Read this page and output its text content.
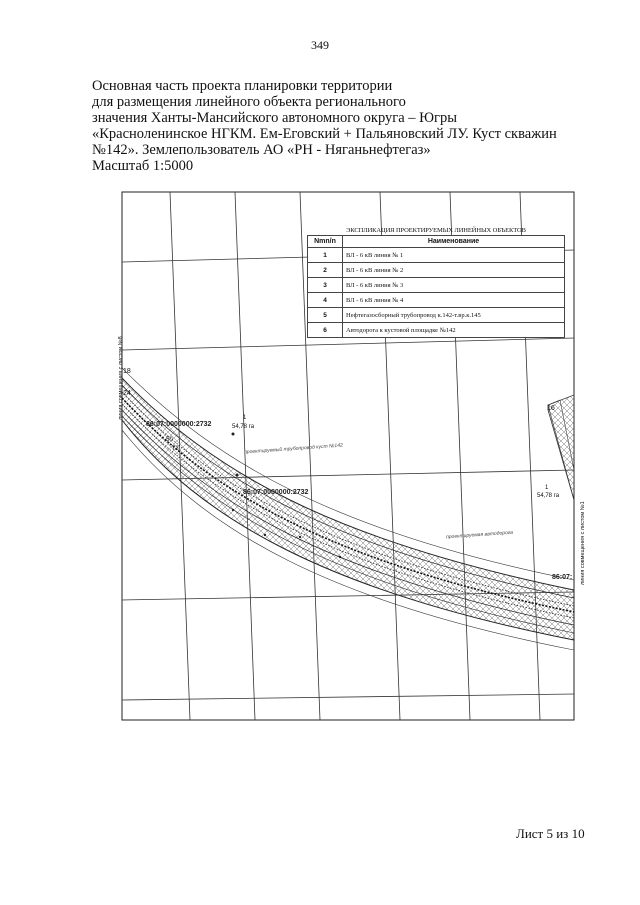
349
Основная часть проекта планировки территории
для размещения линейного объекта регионального
значения Ханты-Мансийского автономного округа – Югры
«Красноленинское НГКМ. Ем-Еговский + Пальяновский ЛУ. Куст скважин
№142». Землепользователь АО «РН - Няганьнефтегаз»
Масштаб 1:5000
18
24
16
86:07:0000000:2732
50
72
1
54,78 га
86:07:0000000:2732
1
54,78 га
86:07:
проектируемый трубопровод куст №142
проектируемая автодорога
линия совмещения с листом №8
линия совмещения с листом №1
ЭКСПЛИКАЦИЯ ПРОЕКТИРУЕМЫХ ЛИНЕЙНЫХ ОБЪЕКТОВ
Nmn/n	Наименование
1	ВЛ - 6 кВ линия № 1
2	ВЛ - 6 кВ линия № 2
3	ВЛ - 6 кВ линия № 3
4	ВЛ - 6 кВ линия № 4
5	Нефтегазосборный трубопровод к.142-т.вр.к.145
6	Автодорога к кустовой площадке №142
Лист 5 из 10
